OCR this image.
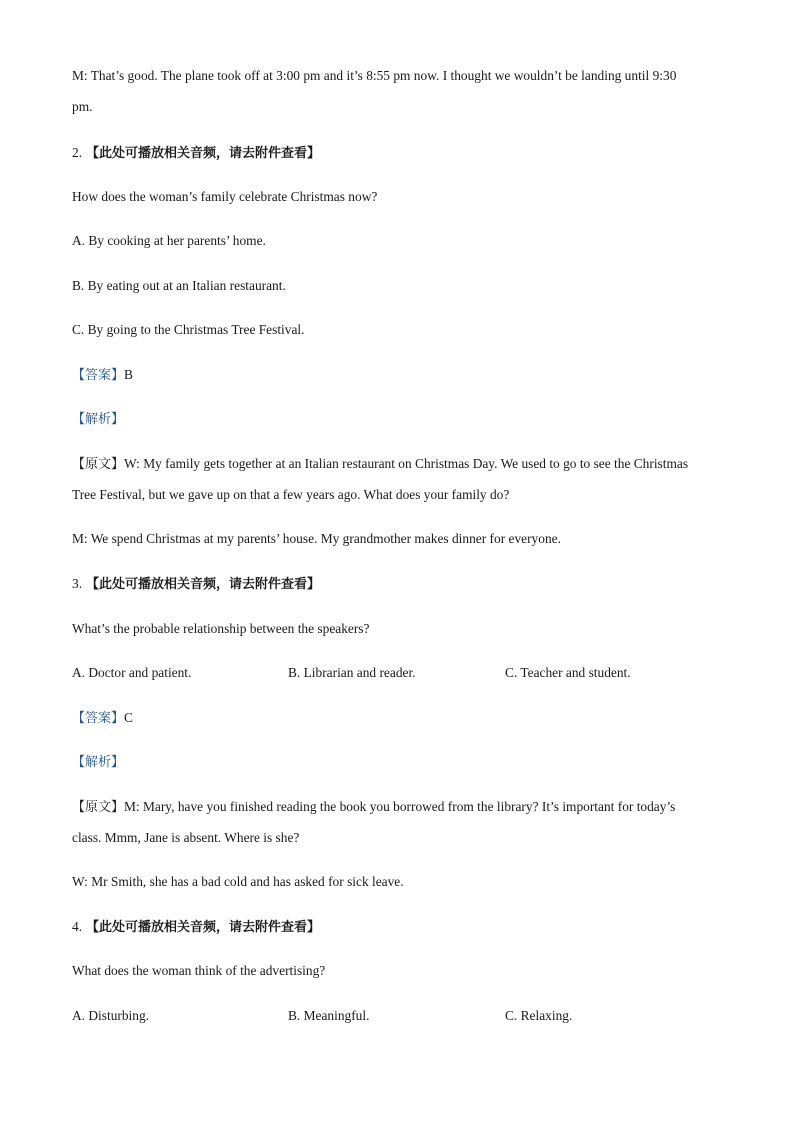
M: That’s good. The plane took off at 3:00 pm and it’s 8:55 pm now. I thought we wouldn’t be landing until 9:30
pm.
2. 【此处可播放相关音频，请去附件查看】
How does the woman’s family celebrate Christmas now?
A. By cooking at her parents’ home.
B. By eating out at an Italian restaurant.
C. By going to the Christmas Tree Festival.
【答案】B
【解析】
【原文】W: My family gets together at an Italian restaurant on Christmas Day. We used to go to see the Christmas
Tree Festival, but we gave up on that a few years ago. What does your family do?
M: We spend Christmas at my parents’ house. My grandmother makes dinner for everyone.
3. 【此处可播放相关音频，请去附件查看】
What’s the probable relationship between the speakers?
A. Doctor and patient.	B. Librarian and reader.	C. Teacher and student.
【答案】C
【解析】
【原文】M: Mary, have you finished reading the book you borrowed from the library? It’s important for today’s
class. Mmm, Jane is absent. Where is she?
W: Mr Smith, she has a bad cold and has asked for sick leave.
4. 【此处可播放相关音频，请去附件查看】
What does the woman think of the advertising?
A. Disturbing.	B. Meaningful.	C. Relaxing.
